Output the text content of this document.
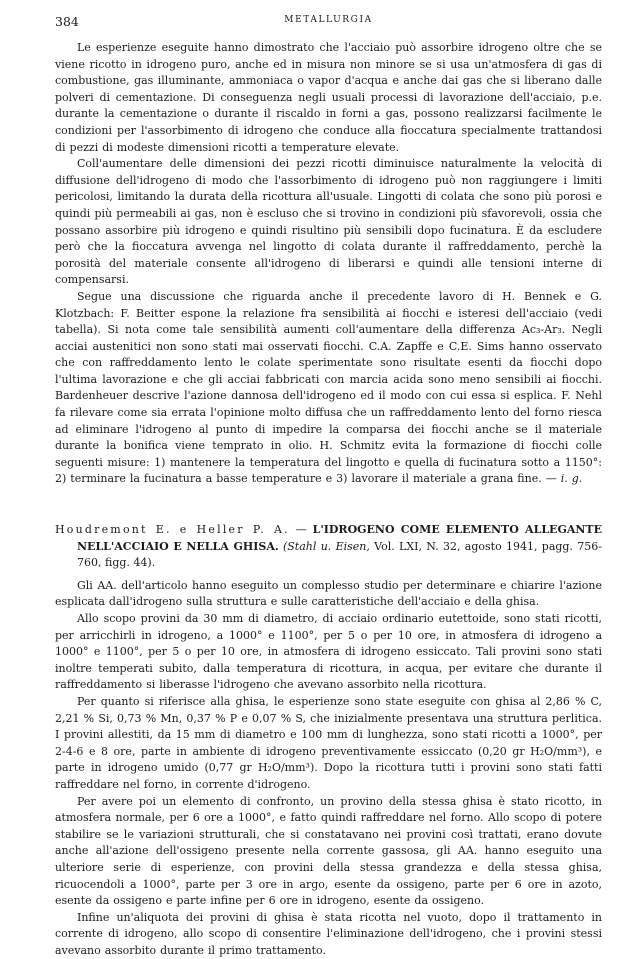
384	METALLURGIA

Le esperienze eseguite hanno dimostrato che l'acciaio può assorbire idrogeno oltre che se viene ricotto in idrogeno puro, anche ed in misura non minore se si usa un'atmosfera di gas di combustione, gas illuminante, ammoniaca o vapor d'acqua e anche dai gas che si liberano dalle polveri di cementazione. Di conseguenza negli usuali processi di lavorazione dell'acciaio, p.e. durante la cementazione o durante il riscaldo in forni a gas, possono realizzarsi facilmente le condizioni per l'assorbimento di idrogeno che conduce alla fioccatura specialmente trattandosi di pezzi di modeste dimensioni ricotti a temperature elevate.

Coll'aumentare delle dimensioni dei pezzi ricotti diminuisce naturalmente la velocità di diffusione dell'idrogeno di modo che l'assorbimento di idrogeno può non raggiungere i limiti pericolosi, limitando la durata della ricottura all'usuale. Lingotti di colata che sono più porosi e quindi più permeabili ai gas, non è escluso che si trovino in condizioni più sfavorevoli, ossia che possano assorbire più idrogeno e quindi risultino più sensibili dopo fucinatura. È da escludere però che la fioccatura avvenga nel lingotto di colata durante il raffreddamento, perchè la porosità del materiale consente all'idrogeno di liberarsi e quindi alle tensioni interne di compensarsi.

Segue una discussione che riguarda anche il precedente lavoro di H. Bennek e G. Klotzbach: F. Beitter espone la relazione fra sensibilità ai fiocchi e isteresi dell'acciaio (vedi tabella). Si nota come tale sensibilità aumenti coll'aumentare della differenza Ac₃-Ar₃. Negli acciai austenitici non sono stati mai osservati fiocchi. C.A. Zapffe e C.E. Sims hanno osservato che con raffreddamento lento le colate sperimentate sono risultate esenti da fiocchi dopo l'ultima lavorazione e che gli acciai fabbricati con marcia acida sono meno sensibili ai fiocchi. Bardenheuer descrive l'azione dannosa dell'idrogeno ed il modo con cui essa si esplica. F. Nehl fa rilevare come sia errata l'opinione molto diffusa che un raffreddamento lento del forno riesca ad eliminare l'idrogeno al punto di impedire la comparsa dei fiocchi anche se il materiale durante la bonifica viene temprato in olio. H. Schmitz evita la formazione di fiocchi colle seguenti misure: 1) mantenere la temperatura del lingotto e quella di fucinatura sotto a 1150°: 2) terminare la fucinatura a basse temperature e 3) lavorare il materiale a grana fine. — i. g.

Houdremont E. e Heller P. A. — L'IDROGENO COME ELEMENTO ALLEGANTE NELL'ACCIAIO E NELLA GHISA. (Stahl u. Eisen, Vol. LXI, N. 32, agosto 1941, pagg. 756-760, figg. 44).

Gli AA. dell'articolo hanno eseguito un complesso studio per determinare e chiarire l'azione esplicata dall'idrogeno sulla struttura e sulle caratteristiche dell'acciaio e della ghisa.

Allo scopo provini da 30 mm di diametro, di acciaio ordinario eutettoide, sono stati ricotti, per arricchirli in idrogeno, a 1000° e 1100°, per 5 o per 10 ore, in atmosfera di idrogeno a 1000° e 1100°, per 5 o per 10 ore, in atmosfera di idrogeno essiccato. Tali provini sono stati inoltre temperati subito, dalla temperatura di ricottura, in acqua, per evitare che durante il raffreddamento si liberasse l'idrogeno che avevano assorbito nella ricottura.

Per quanto si riferisce alla ghisa, le esperienze sono state eseguite con ghisa al 2,86 % C, 2,21 % Si, 0,73 % Mn, 0,37 % P e 0,07 % S, che inizialmente presentava una struttura perlitica. I provini allestiti, da 15 mm di diametro e 100 mm di lunghezza, sono stati ricotti a 1000°, per 2-4-6 e 8 ore, parte in ambiente di idrogeno preventivamente essiccato (0,20 gr H₂O/mm³), e parte in idrogeno umido (0,77 gr H₂O/mm³). Dopo la ricottura tutti i provini sono stati fatti raffreddare nel forno, in corrente d'idrogeno.

Per avere poi un elemento di confronto, un provino della stessa ghisa è stato ricotto, in atmosfera normale, per 6 ore a 1000°, e fatto quindi raffreddare nel forno. Allo scopo di potere stabilire se le variazioni strutturali, che si constatavano nei provini così trattati, erano dovute anche all'azione dell'ossigeno presente nella corrente gassosa, gli AA. hanno eseguito una ulteriore serie di esperienze, con provini della stessa grandezza e della stessa ghisa, ricuocendoli a 1000°, parte per 3 ore in argo, esente da ossigeno, parte per 6 ore in azoto, esente da ossigeno e parte infine per 6 ore in idrogeno, esente da ossigeno.

Infine un'aliquota dei provini di ghisa è stata ricotta nel vuoto, dopo il trattamento in corrente di idrogeno, allo scopo di consentire l'eliminazione dell'idrogeno, che i provini stessi avevano assorbito durante il primo trattamento.
